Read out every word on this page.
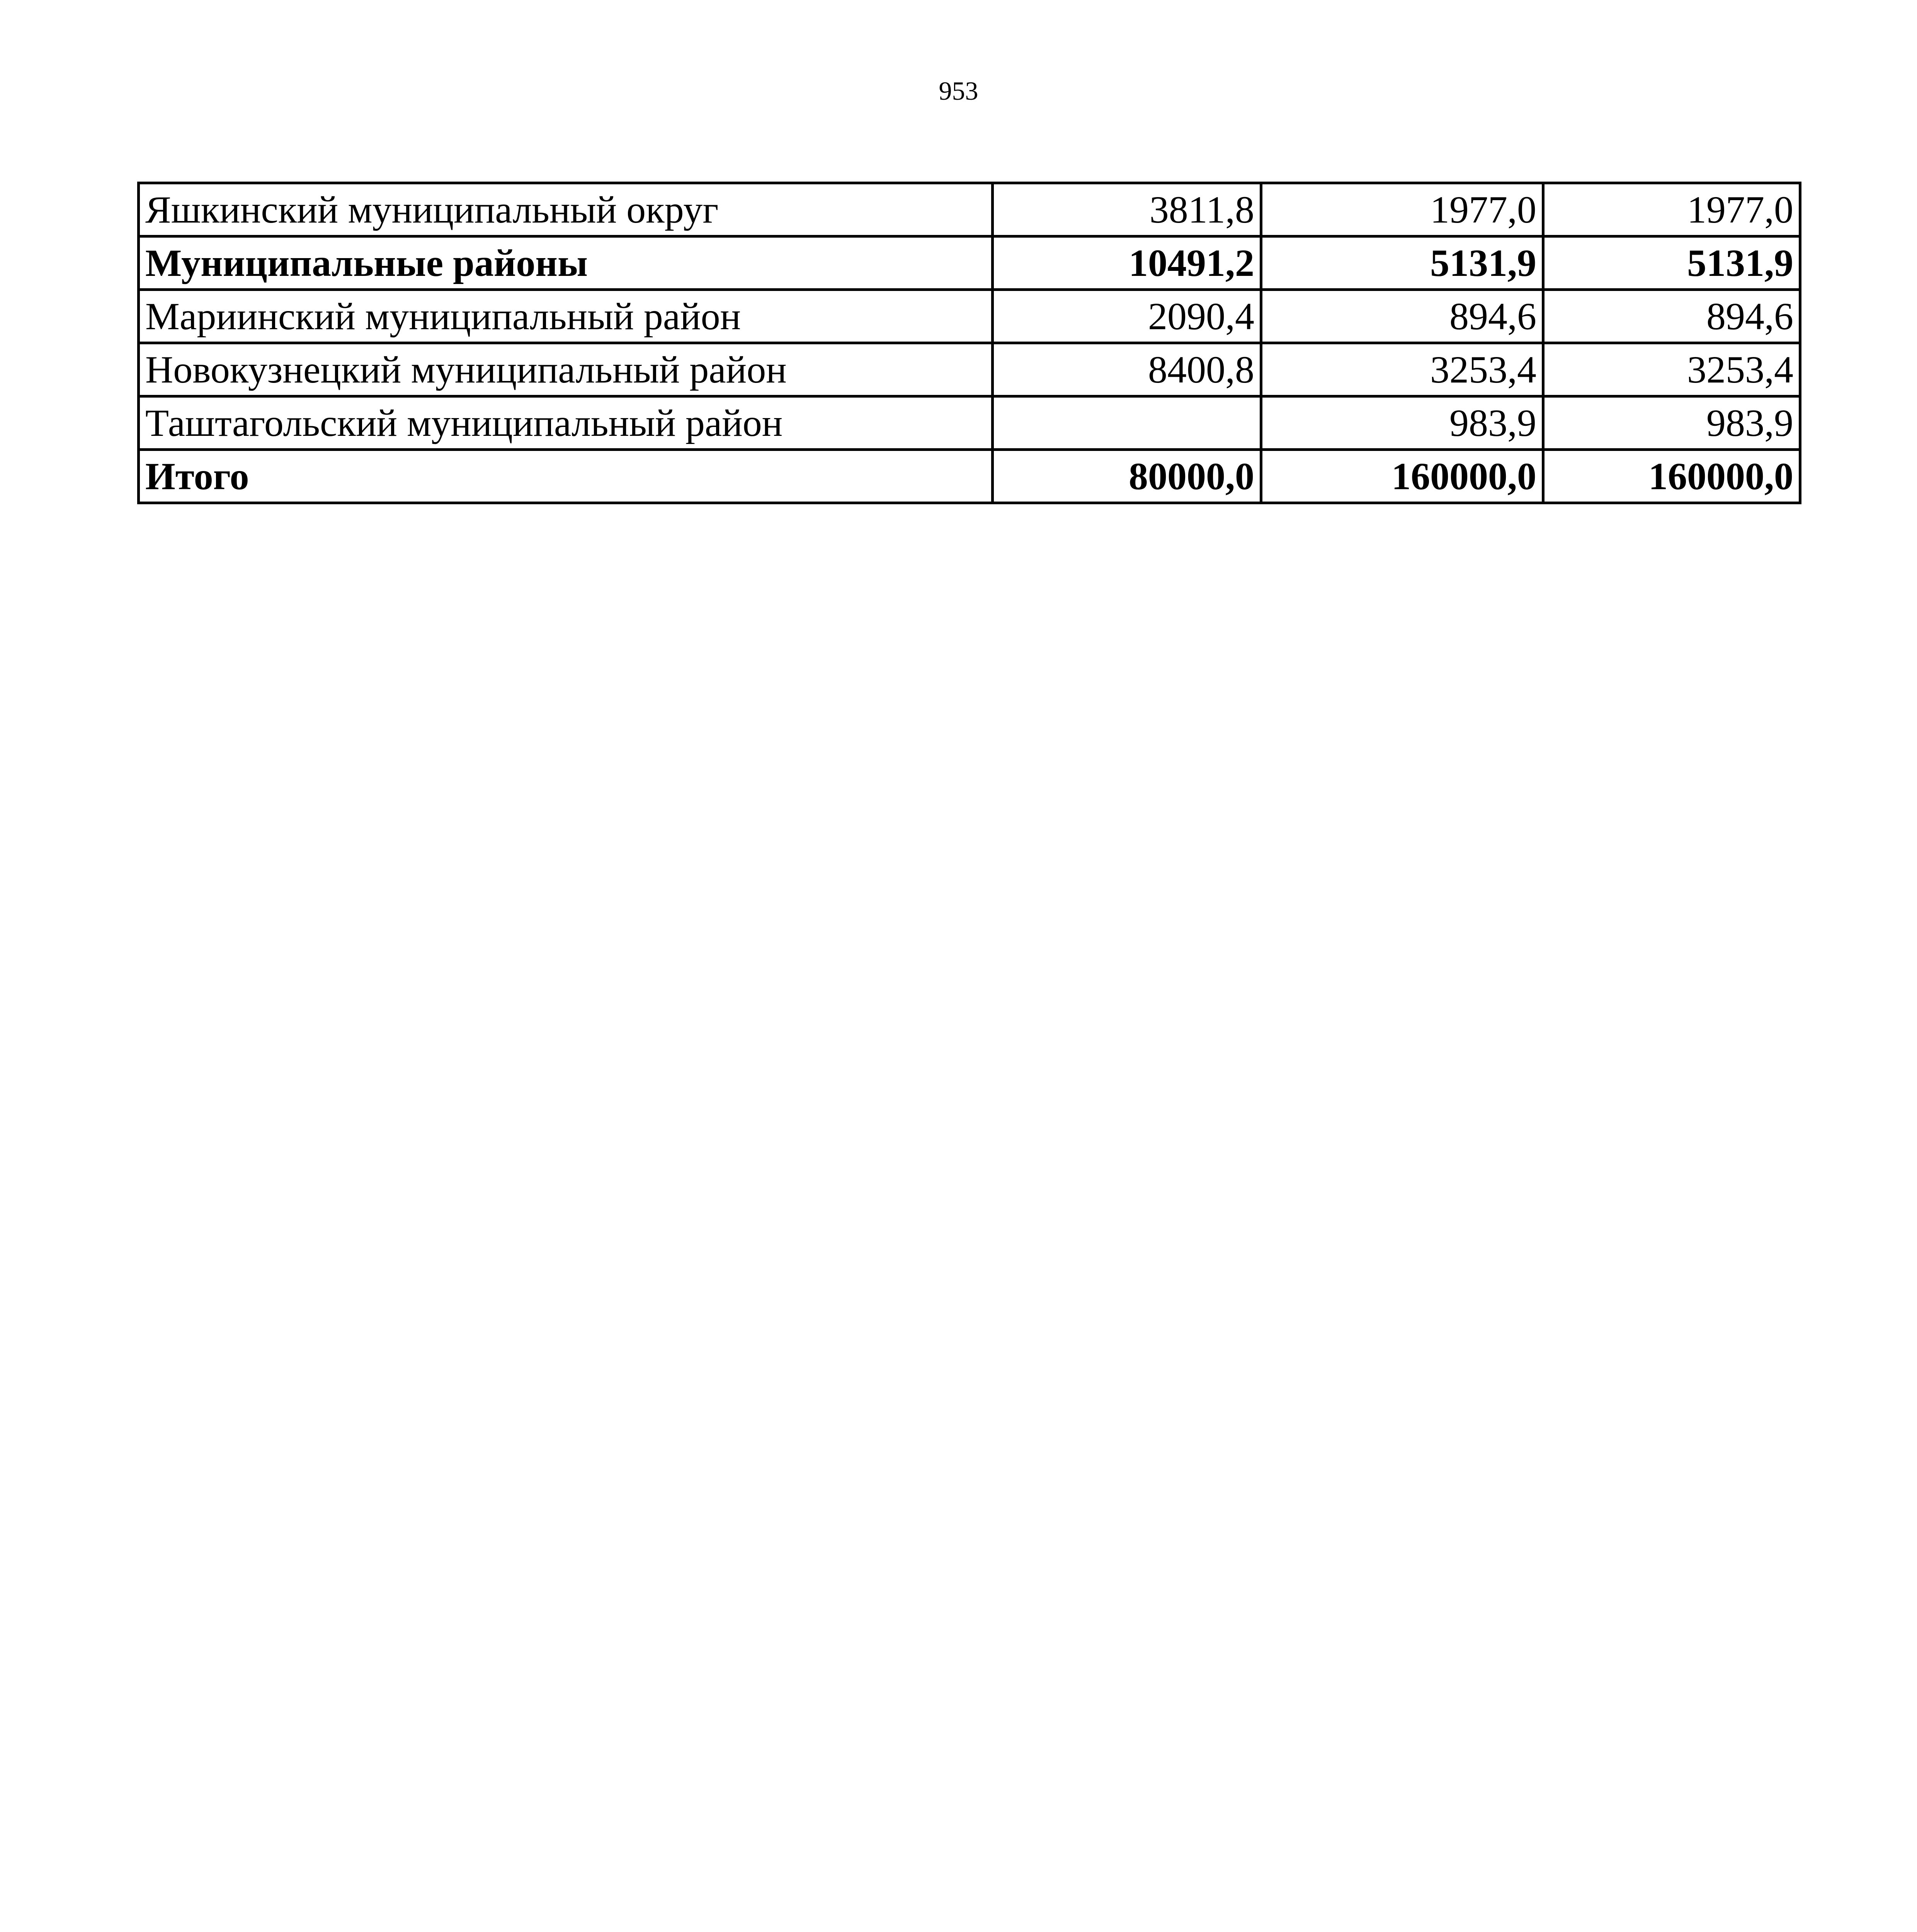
953
Яшкинский муниципальный округ	3811,8	1977,0	1977,0
Муниципальные районы	10491,2	5131,9	5131,9
Мариинский муниципальный район	2090,4	894,6	894,6
Новокузнецкий муниципальный район	8400,8	3253,4	3253,4
Таштагольский муниципальный район		983,9	983,9
Итого	80000,0	160000,0	160000,0
